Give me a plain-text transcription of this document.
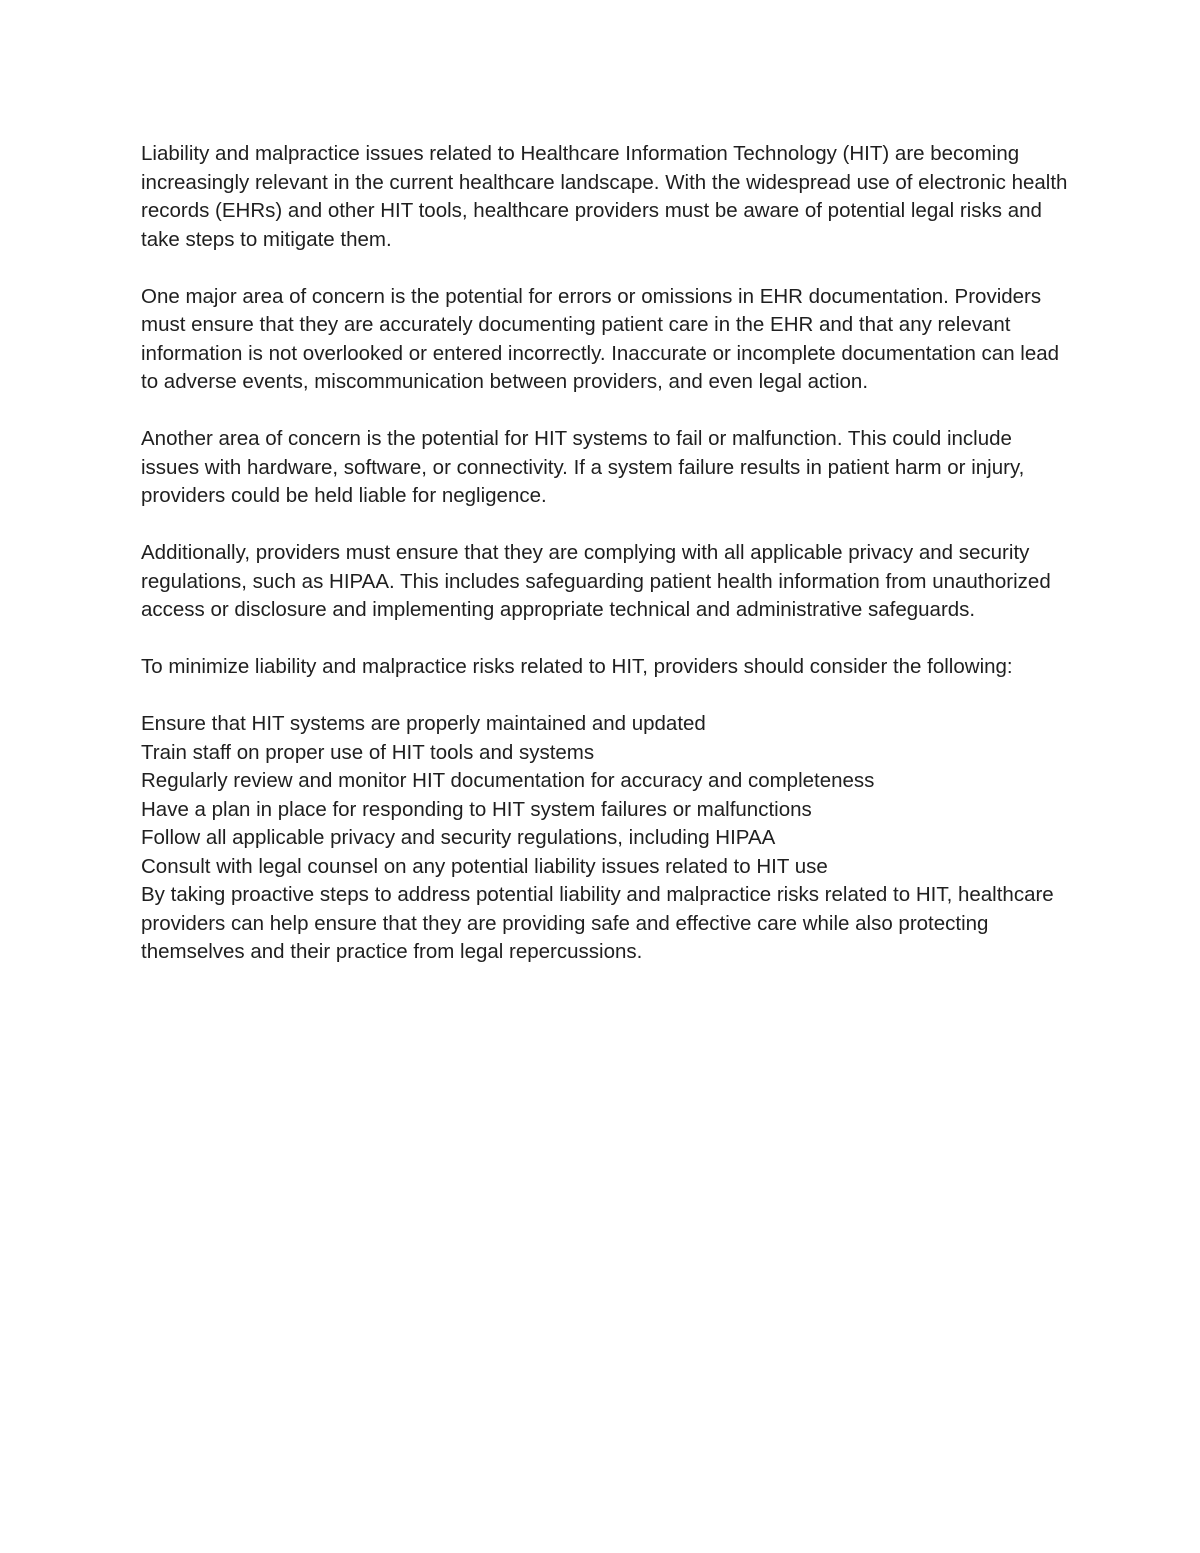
Liability and malpractice issues related to Healthcare Information Technology (HIT) are becoming increasingly relevant in the current healthcare landscape. With the widespread use of electronic health records (EHRs) and other HIT tools, healthcare providers must be aware of potential legal risks and take steps to mitigate them.

One major area of concern is the potential for errors or omissions in EHR documentation. Providers must ensure that they are accurately documenting patient care in the EHR and that any relevant information is not overlooked or entered incorrectly. Inaccurate or incomplete documentation can lead to adverse events, miscommunication between providers, and even legal action.

Another area of concern is the potential for HIT systems to fail or malfunction. This could include issues with hardware, software, or connectivity. If a system failure results in patient harm or injury, providers could be held liable for negligence.

Additionally, providers must ensure that they are complying with all applicable privacy and security regulations, such as HIPAA. This includes safeguarding patient health information from unauthorized access or disclosure and implementing appropriate technical and administrative safeguards.

To minimize liability and malpractice risks related to HIT, providers should consider the following:

Ensure that HIT systems are properly maintained and updated
Train staff on proper use of HIT tools and systems
Regularly review and monitor HIT documentation for accuracy and completeness
Have a plan in place for responding to HIT system failures or malfunctions
Follow all applicable privacy and security regulations, including HIPAA
Consult with legal counsel on any potential liability issues related to HIT use

By taking proactive steps to address potential liability and malpractice risks related to HIT, healthcare providers can help ensure that they are providing safe and effective care while also protecting themselves and their practice from legal repercussions.
